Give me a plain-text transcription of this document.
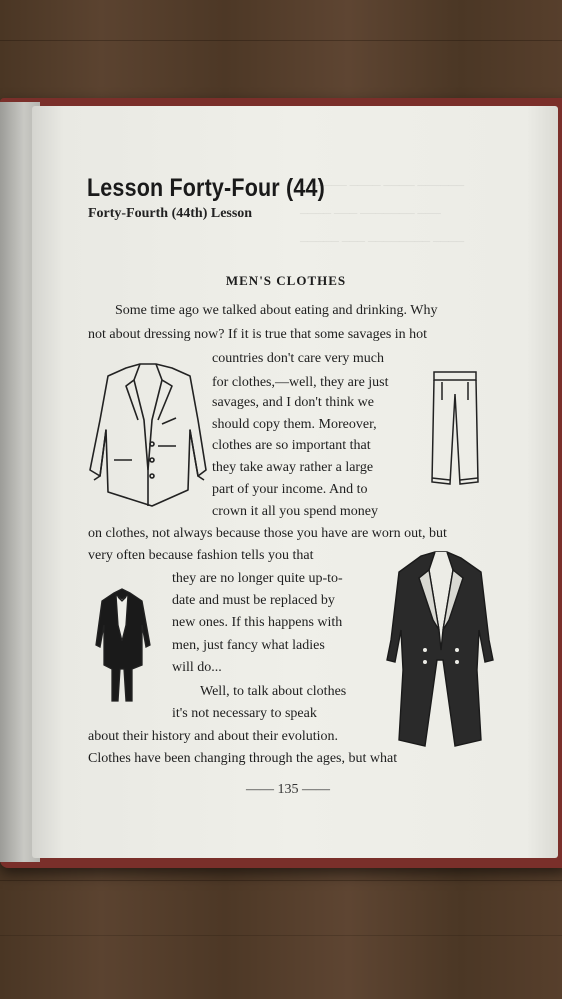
────── ──── ──── ──────
──── ─── ─────── ───
───── ─── ──────── ────
Lesson Forty-Four (44)
Forty-Fourth (44th) Lesson
MEN'S CLOTHES
Some time ago we talked about eating and drinking. Why
not about dressing now? If it is true that some savages in hot
countries don't care very much
for clothes,—well, they are just
savages, and I don't think we
should copy them. Moreover,
clothes are so important that
they take away rather a large
part of your income. And to
crown it all you spend money
on clothes, not always because those you have are worn out, but
very often because fashion tells you that
they are no longer quite up-to-
date and must be replaced by
new ones. If this happens with
men, just fancy what ladies
will do...
Well, to talk about clothes
it's not necessary to speak
about their history and about their evolution.
Clothes have been changing through the ages, but what
—— 135 ——
